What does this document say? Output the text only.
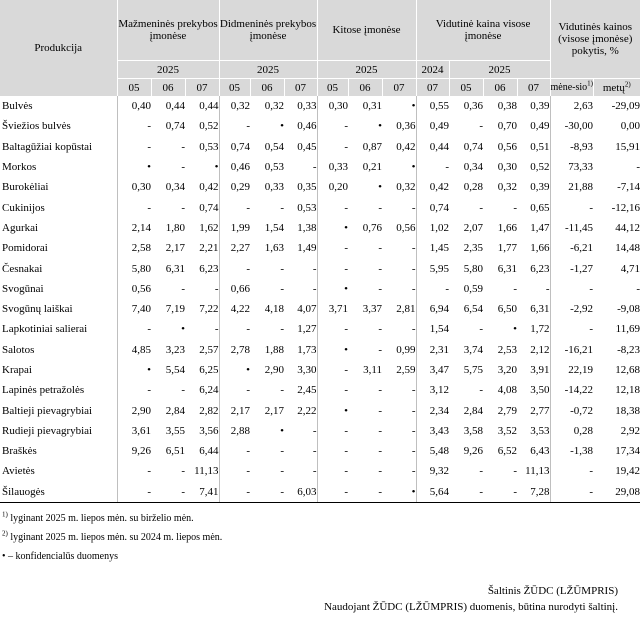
Produkcija	Mažmeninės prekybos įmonėse			Didmeninės prekybos įmonėse			Kitose įmonėse			Vidutinė kaina visose įmonėse				Vidutinės kainos (visose įmonėse) pokytis, %	
	2025			2025			2025			2024	2025				
	05	06	07	05	06	07	05	06	07	07	05	06	07	mėne-sio$^{1)}$	metų$^{2)}$
Bulvės	0,40	0,44	0,44	0,32	0,32	0,33	0,30	0,31	•	0,55	0,36	0,38	0,39	2,63	-29,09
Šviežios bulvės	-	0,74	0,52	-	•	0,46	-	•	0,36	0,49	-	0,70	0,49	-30,00	0,00
Baltagūžiai kopūstai	-	-	0,53	0,74	0,54	0,45	-	0,87	0,42	0,44	0,74	0,56	0,51	-8,93	15,91
Morkos	•	-	•	0,46	0,53	-	0,33	0,21	•	-	0,34	0,30	0,52	73,33	-
Burokėliai	0,30	0,34	0,42	0,29	0,33	0,35	0,20	•	0,32	0,42	0,28	0,32	0,39	21,88	-7,14
Cukinijos	-	-	0,74	-	-	0,53	-	-	-	0,74	-	-	0,65	-	-12,16
Agurkai	2,14	1,80	1,62	1,99	1,54	1,38	•	0,76	0,56	1,02	2,07	1,66	1,47	-11,45	44,12
Pomidorai	2,58	2,17	2,21	2,27	1,63	1,49	-	-	-	1,45	2,35	1,77	1,66	-6,21	14,48
Česnakai	5,80	6,31	6,23	-	-	-	-	-	-	5,95	5,80	6,31	6,23	-1,27	4,71
Svogūnai	0,56	-	-	0,66	-	-	•	-	-	-	0,59	-	-	-	-
Svogūnų laiškai	7,40	7,19	7,22	4,22	4,18	4,07	3,71	3,37	2,81	6,94	6,54	6,50	6,31	-2,92	-9,08
Lapkotiniai salierai	-	•	-	-	-	1,27	-	-	-	1,54	-	•	1,72	-	11,69
Salotos	4,85	3,23	2,57	2,78	1,88	1,73	•	-	0,99	2,31	3,74	2,53	2,12	-16,21	-8,23
Krapai	•	5,54	6,25	•	2,90	3,30	-	3,11	2,59	3,47	5,75	3,20	3,91	22,19	12,68
Lapinės petražolės	-	-	6,24	-	-	2,45	-	-	-	3,12	-	4,08	3,50	-14,22	12,18
Baltieji pievagrybiai	2,90	2,84	2,82	2,17	2,17	2,22	•	-	-	2,34	2,84	2,79	2,77	-0,72	18,38
Rudieji pievagrybiai	3,61	3,55	3,56	2,88	•	-	-	-	-	3,43	3,58	3,52	3,53	0,28	2,92
Braškės	9,26	6,51	6,44	-	-	-	-	-	-	5,48	9,26	6,52	6,43	-1,38	17,34
Avietės	-	-	11,13	-	-	-	-	-	-	9,32	-	-	11,13	-	19,42
Šilauogės	-	-	7,41	-	-	6,03	-	-	•	5,64	-	-	7,28	-	29,08
$^{1)}$ lyginant 2025 m. liepos mėn. su birželio mėn.
$^{2)}$ lyginant 2025 m. liepos mėn. su 2024 m. liepos mėn.
• – konfidencialūs duomenys
Šaltinis ŽŪDC (LŽŪMPRIS)
Naudojant ŽŪDC (LŽŪMPRIS) duomenis, būtina nurodyti šaltinį.
